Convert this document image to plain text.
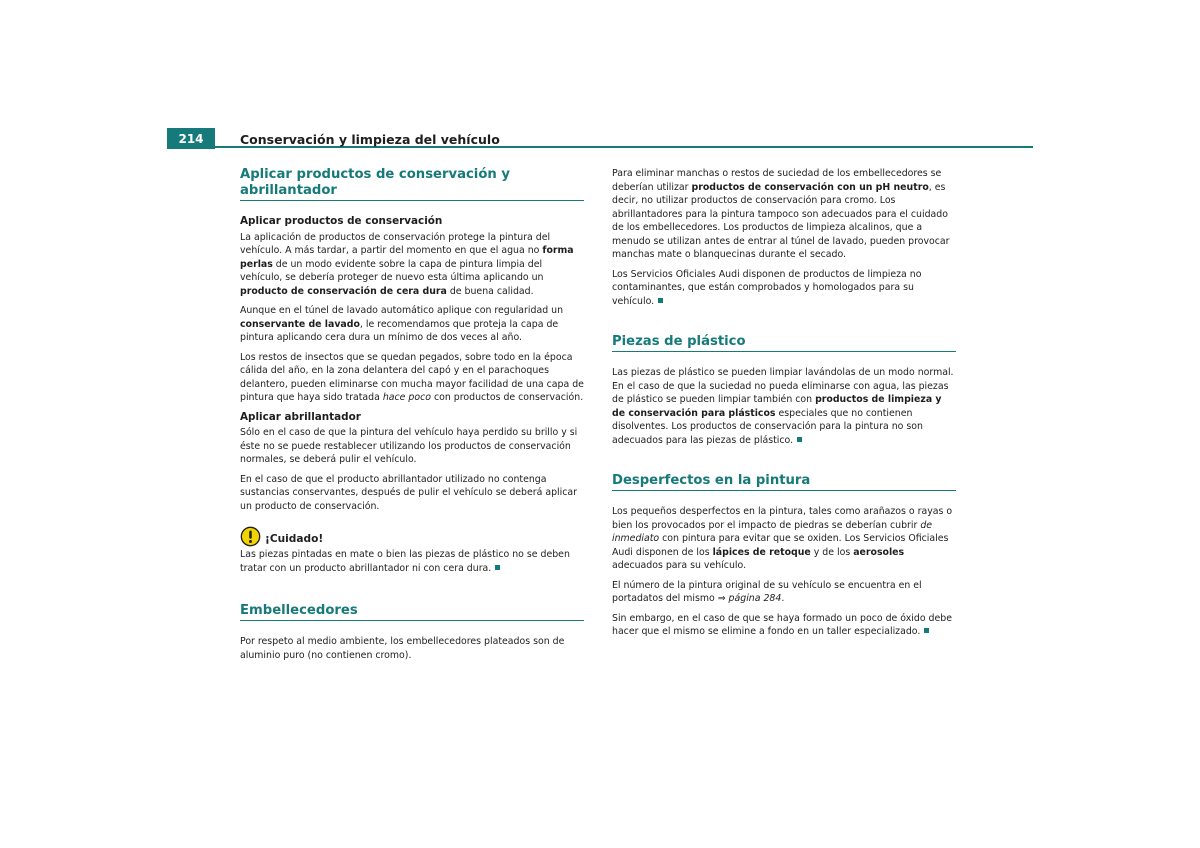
214	Conservación y limpieza del vehículo
Aplicar productos de conservación y abrillantador
Aplicar productos de conservación

La aplicación de productos de conservación protege la pintura del vehículo. A más tardar, a partir del momento en que el agua no forma perlas de un modo evidente sobre la capa de pintura limpia del vehículo, se debería proteger de nuevo esta última aplicando un producto de conservación de cera dura de buena calidad.

Aunque en el túnel de lavado automático aplique con regularidad un conservante de lavado, le recomendamos que proteja la capa de pintura aplicando cera dura un mínimo de dos veces al año.

Los restos de insectos que se quedan pegados, sobre todo en la época cálida del año, en la zona delantera del capó y en el parachoques delantero, pueden eliminarse con mucha mayor facilidad de una capa de pintura que haya sido tratada hace poco con productos de conservación.

Aplicar abrillantador

Sólo en el caso de que la pintura del vehículo haya perdido su brillo y si éste no se puede restablecer utilizando los productos de conservación normales, se deberá pulir el vehículo.

En el caso de que el producto abrillantador utilizado no contenga sustancias conservantes, después de pulir el vehículo se deberá aplicar un producto de conservación.

¡Cuidado!

Las piezas pintadas en mate o bien las piezas de plástico no se deben tratar con un producto abrillantador ni con cera dura.

Embellecedores

Por respeto al medio ambiente, los embellecedores plateados son de aluminio puro (no contienen cromo).

Para eliminar manchas o restos de suciedad de los embellecedores se deberían utilizar productos de conservación con un pH neutro, es decir, no utilizar productos de conservación para cromo. Los abrillantadores para la pintura tampoco son adecuados para el cuidado de los embellecedores. Los productos de limpieza alcalinos, que a menudo se utilizan antes de entrar al túnel de lavado, pueden provocar manchas mate o blanquecinas durante el secado.

Los Servicios Oficiales Audi disponen de productos de limpieza no contaminantes, que están comprobados y homologados para su vehículo.

Piezas de plástico

Las piezas de plástico se pueden limpiar lavándolas de un modo normal. En el caso de que la suciedad no pueda eliminarse con agua, las piezas de plástico se pueden limpiar también con productos de limpieza y de conservación para plásticos especiales que no contienen disolventes. Los productos de conservación para la pintura no son adecuados para las piezas de plástico.

Desperfectos en la pintura

Los pequeños desperfectos en la pintura, tales como arañazos o rayas o bien los provocados por el impacto de piedras se deberían cubrir de inmediato con pintura para evitar que se oxiden. Los Servicios Oficiales Audi disponen de los lápices de retoque y de los aerosoles adecuados para su vehículo.

El número de la pintura original de su vehículo se encuentra en el portadatos del mismo ⇒ página 284.

Sin embargo, en el caso de que se haya formado un poco de óxido debe hacer que el mismo se elimine a fondo en un taller especializado.
